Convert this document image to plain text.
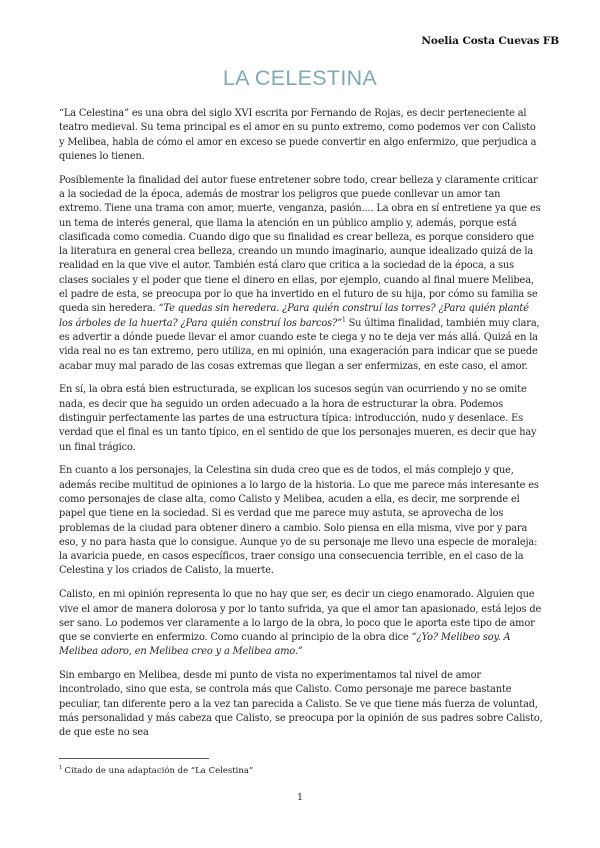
Noelia Costa Cuevas FB
LA CELESTINA

“La Celestina” es una obra del siglo XVI escrita por Fernando de Rojas, es decir perteneciente al teatro medieval. Su tema principal es el amor en su punto extremo, como podemos ver con Calisto y Melibea, habla de cómo el amor en exceso se puede convertir en algo enfermizo, que perjudica a quienes lo tienen.

Posiblemente la finalidad del autor fuese entretener sobre todo, crear belleza y claramente criticar a la sociedad de la época, además de mostrar los peligros que puede conllevar un amor tan extremo. Tiene una trama con amor, muerte, venganza, pasión.... La obra en sí entretiene ya que es un tema de interés general, que llama la atención en un público amplio y, además, porque está clasificada como comedia. Cuando digo que su finalidad es crear belleza, es porque considero que la literatura en general crea belleza, creando un mundo imaginario, aunque idealizado quizá de la realidad en la que vive el autor. También está claro que critica a la sociedad de la época, a sus clases sociales y el poder que tiene el dinero en ellas, por ejemplo, cuando al final muere Melibea, el padre de esta, se preocupa por lo que ha invertido en el futuro de su hija, por cómo su familia se queda sin heredera. “Te quedas sin heredera. ¿Para quién construí las torres? ¿Para quién planté los árboles de la huerta? ¿Para quién construí los barcos?”$^1$ Su última finalidad, también muy clara, es advertir a dónde puede llevar el amor cuando este te ciega y no te deja ver más allá. Quizá en la vida real no es tan extremo, pero utiliza, en mi opinión, una exageración para indicar que se puede acabar muy mal parado de las cosas extremas que llegan a ser enfermizas, en este caso, el amor.

En sí, la obra está bien estructurada, se explican los sucesos según van ocurriendo y no se omite nada, es decir que ha seguido un orden adecuado a la hora de estructurar la obra. Podemos distinguir perfectamente las partes de una estructura típica: introducción, nudo y desenlace. Es verdad que el final es un tanto típico, en el sentido de que los personajes mueren, es decir que hay un final trágico.

En cuanto a los personajes, la Celestina sin duda creo que es de todos, el más complejo y que, además recibe multitud de opiniones a lo largo de la historia. Lo que me parece más interesante es como personajes de clase alta, como Calisto y Melibea, acuden a ella, es decir, me sorprende el papel que tiene en la sociedad. Si es verdad que me parece muy astuta, se aprovecha de los problemas de la ciudad para obtener dinero a cambio. Solo piensa en ella misma, vive por y para eso, y no para hasta que lo consigue. Aunque yo de su personaje me llevo una especie de moraleja: la avaricia puede, en casos específicos, traer consigo una consecuencia terrible, en el caso de la Celestina y los criados de Calisto, la muerte.

Calisto, en mi opinión representa lo que no hay que ser, es decir un ciego enamorado. Alguien que vive el amor de manera dolorosa y por lo tanto sufrida, ya que el amor tan apasionado, está lejos de ser sano. Lo podemos ver claramente a lo largo de la obra, lo poco que le aporta este tipo de amor que se convierte en enfermizo. Como cuando al principio de la obra dice “¿Yo? Melibeo soy. A Melibea adoro, en Melibea creo y a Melibea amo.”

Sin embargo en Melibea, desde mi punto de vista no experimentamos tal nivel de amor incontrolado, sino que esta, se controla más que Calisto. Como personaje me parece bastante peculiar, tan diferente pero a la vez tan parecida a Calisto. Se ve que tiene más fuerza de voluntad, más personalidad y más cabeza que Calisto, se preocupa por la opinión de sus padres sobre Calisto, de que este no sea

$^1$ Citado de una adaptación de “La Celestina”
1
